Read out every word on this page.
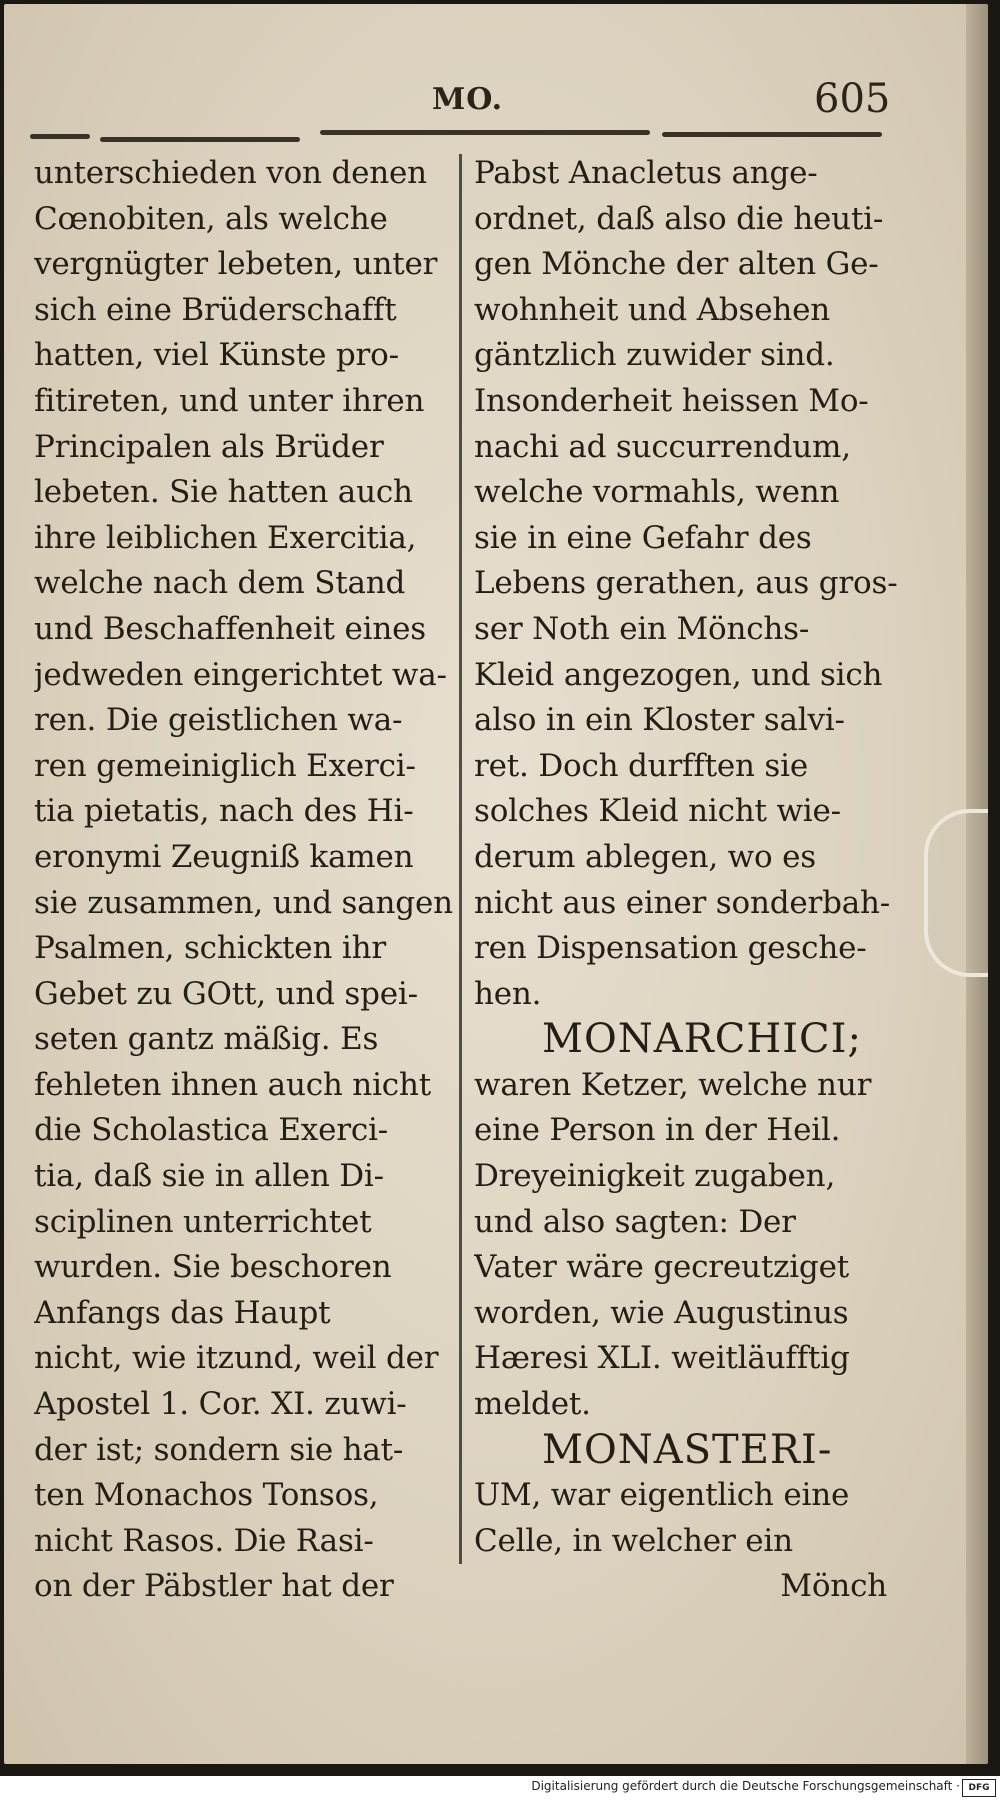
MO.	605
unterschieden von denen
Cœnobiten, als welche
vergnügter lebeten, unter
sich eine Brüderschafft
hatten, viel Künste pro-
fitireten, und unter ihren
Principalen als Brüder
lebeten. Sie hatten auch
ihre leiblichen Exercitia,
welche nach dem Stand
und Beschaffenheit eines
jedweden eingerichtet wa-
ren. Die geistlichen wa-
ren gemeiniglich Exerci-
tia pietatis, nach des Hi-
eronymi Zeugniß kamen
sie zusammen, und sangen
Psalmen, schickten ihr
Gebet zu GOtt, und spei-
seten gantz mäßig. Es
fehleten ihnen auch nicht
die Scholastica Exerci-
tia, daß sie in allen Di-
sciplinen unterrichtet
wurden. Sie beschoren
Anfangs das Haupt
nicht, wie itzund, weil der
Apostel 1. Cor. XI. zuwi-
der ist; sondern sie hat-
ten Monachos Tonsos,
nicht Rasos. Die Rasi-
on der Päbstler hat der
Pabst Anacletus ange-
ordnet, daß also die heuti-
gen Mönche der alten Ge-
wohnheit und Absehen
gäntzlich zuwider sind.
Insonderheit heissen Mo-
nachi ad succurrendum,
welche vormahls, wenn
sie in eine Gefahr des
Lebens gerathen, aus gros-
ser Noth ein Mönchs-
Kleid angezogen, und sich
also in ein Kloster salvi-
ret. Doch durfften sie
solches Kleid nicht wie-
derum ablegen, wo es
nicht aus einer sonderbah-
ren Dispensation gesche-
hen.
MONARCHICI;
waren Ketzer, welche nur
eine Person in der Heil.
Dreyeinigkeit zugaben,
und also sagten: Der
Vater wäre gecreutziget
worden, wie Augustinus
Hæresi XLI. weitläufftig
meldet.
MONASTERI-
UM, war eigentlich eine
Celle, in welcher ein
Mönch
Digitalisierung gefördert durch die Deutsche Forschungsgemeinschaft · DFG
